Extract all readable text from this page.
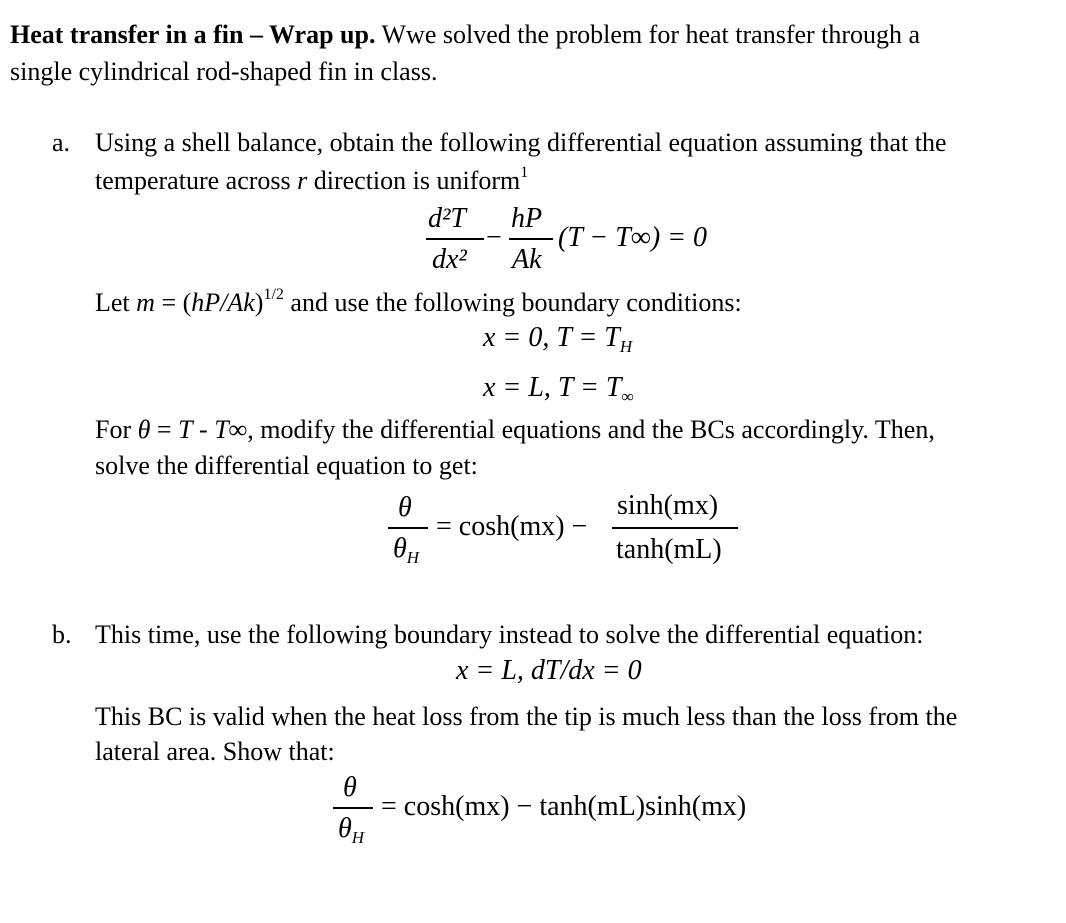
Heat transfer in a fin – Wrap up. Wwe solved the problem for heat transfer through a
single cylindrical rod-shaped fin in class.
a. Using a shell balance, obtain the following differential equation assuming that the
temperature across r direction is uniform$^1$
d²T
dx²
−
hP
Ak
(T − T∞) = 0
Let $m = (hP/Ak)^{1/2}$ and use the following boundary conditions:
x = 0, $T = T_H$
x = L, $T = T_\infty$
For θ = T - T∞, modify the differential equations and the BCs accordingly. Then,
solve the differential equation to get:
θ
$\theta_H$
= cosh(mx) −
sinh(mx)
tanh(mL)
b. This time, use the following boundary instead to solve the differential equation:
x = L, dT/dx = 0
This BC is valid when the heat loss from the tip is much less than the loss from the
lateral area. Show that:
θ
$\theta_H$
= cosh(mx) − tanh(mL)sinh(mx)
